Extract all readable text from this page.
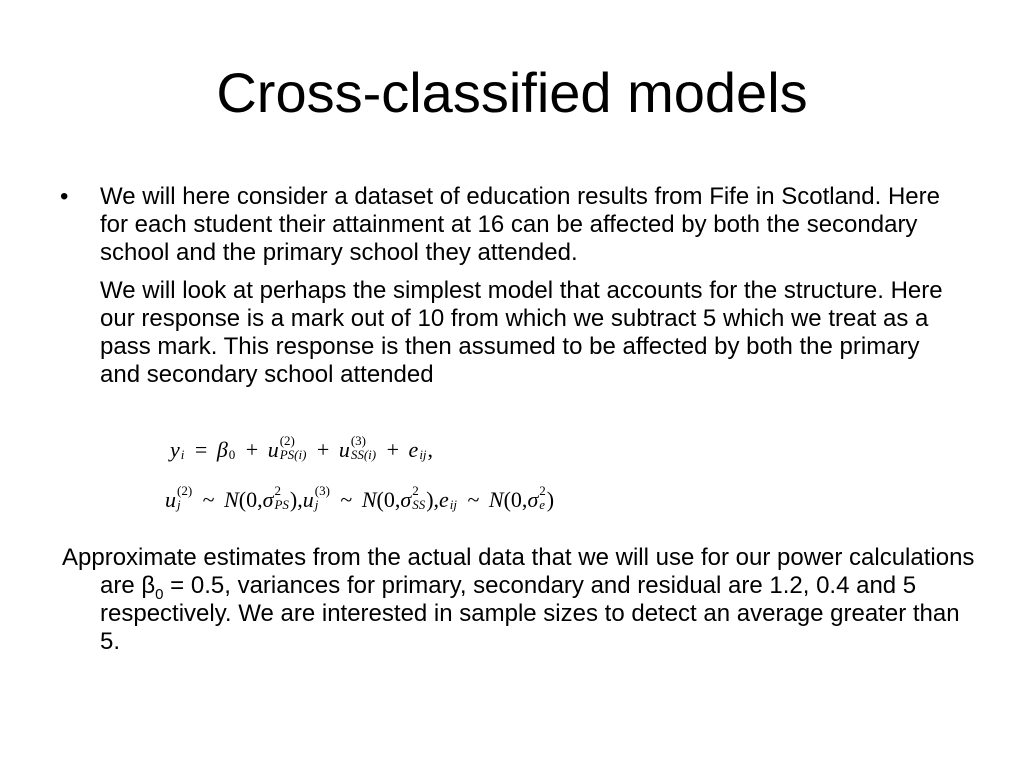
Cross-classified models
•	We will here consider a dataset of education results from Fife in Scotland. Here for each student their attainment at 16 can be affected by both the secondary school and the primary school they attended.
We will look at perhaps the simplest model that accounts for the structure. Here our response is a mark out of 10 from which we subtract 5 which we treat as a pass mark. This response is then assumed to be affected by both the primary and secondary school attended
y
i = β
0 + u (2)
PS(i) + u (3)
SS(i) + e
ij ,
u (2)
j	~ N(0,σ 2
PS ),u (3)
j	~ N(0,σ 2
SS ),e
ij ~ N(0,σ 2
e )
Approximate estimates from the actual data that we will use for our power calculations are $\beta_0 = 0.5$, variances for primary, secondary and residual are 1.2, 0.4 and 5 respectively. We are interested in sample sizes to detect an average greater than 5.
